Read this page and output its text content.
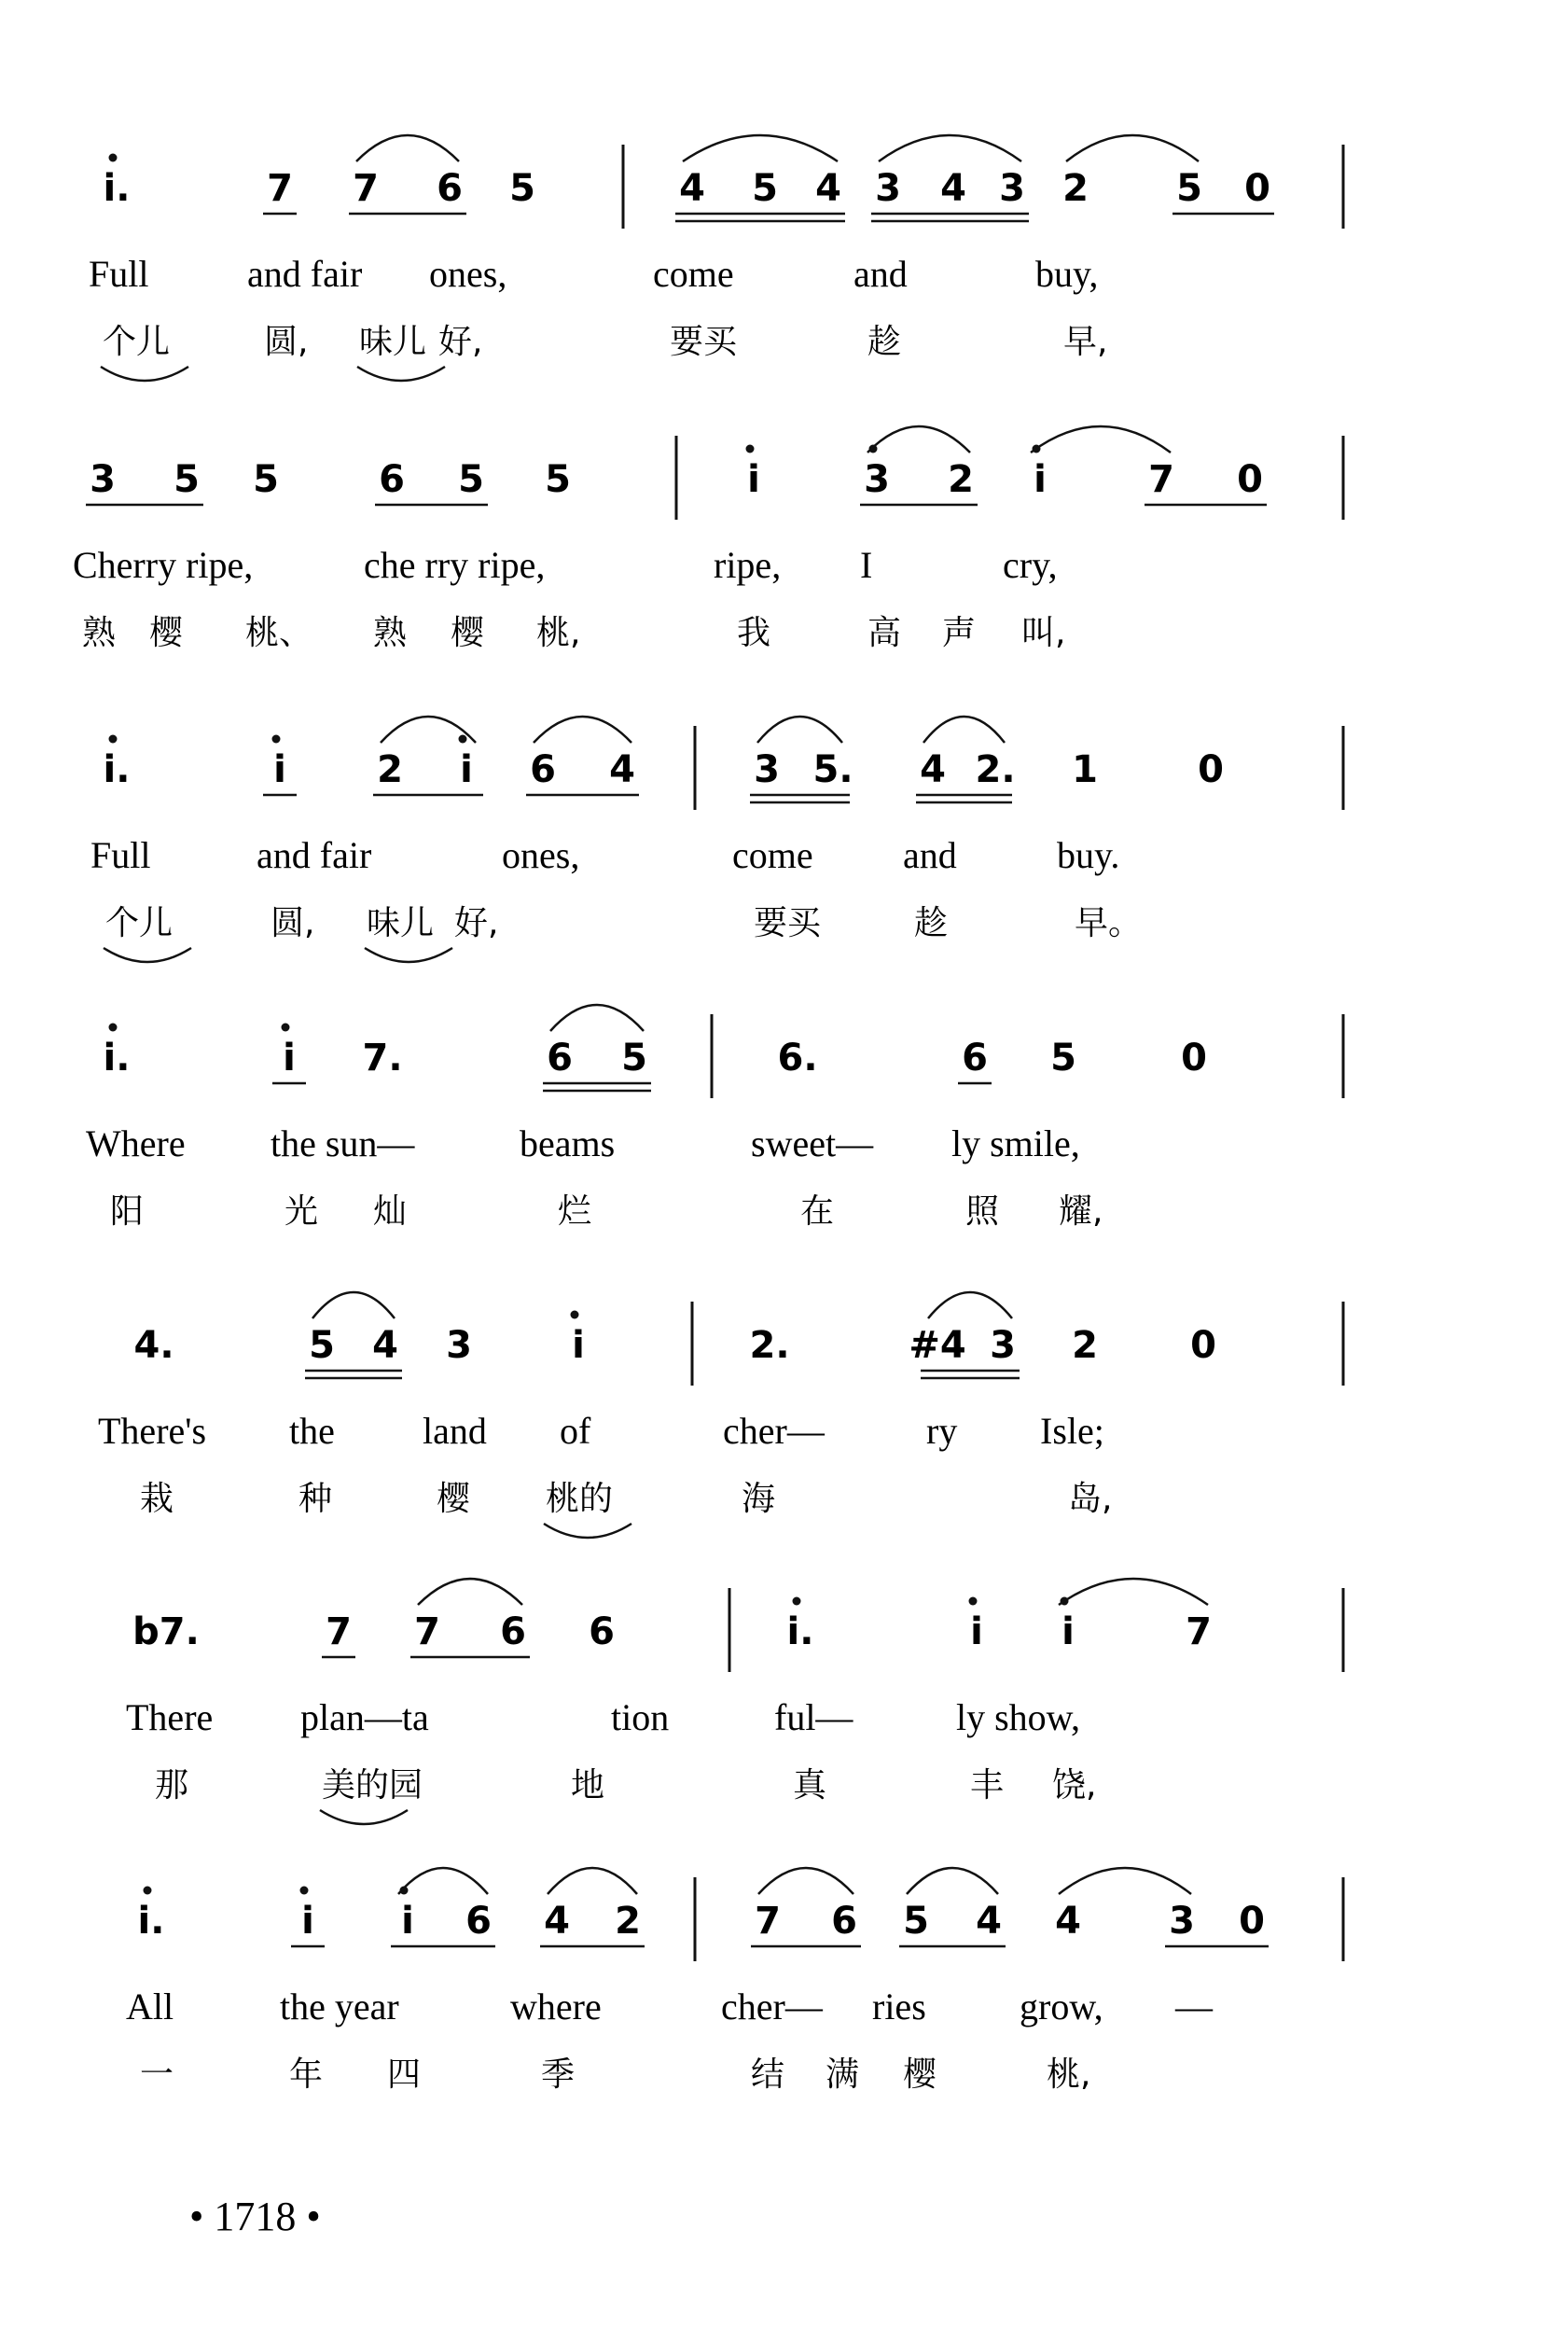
i.	7 7 6 5	4 5 4 3 4 3 2 5 0
Full	and fair ones,	come	and	buy,
个儿	圆, 味儿 好,	要买	趁	早,
3 5 5	6 5 5	i	3 2 i	7 0
Cherry ripe,	che rry ripe,	ripe, I	cry,
熟 樱 桃、 熟 樱 桃,	我	高 声 叫,
i.	i 2 i 6 4	3 5. 4 2. 1	0
Full	and fair	ones,	come and	buy.
个儿	圆, 味儿 好,	要买	趁	早。
i.	i 7.	6 5	6.	6 5	0
Where the sun—	beams	sweet— ly smile,
阳	光 灿	烂	在	照 耀,
4.	5 4 3	i	2.	#4 3 2 0
There's the land of	cher—	ry Isle;
栽	种	樱 桃的	海	岛,
b7.	7 7 6 6	i.	i i	7
There plan—ta	tion	ful—	ly show,
那	美的园	地	真	丰 饶,
i.	i i 6 4 2	7 6 5 4 4 3 0
All	the year	where	cher— ries	grow, —
一	年 四	季	结 满 樱	桃,
• 1718 •
